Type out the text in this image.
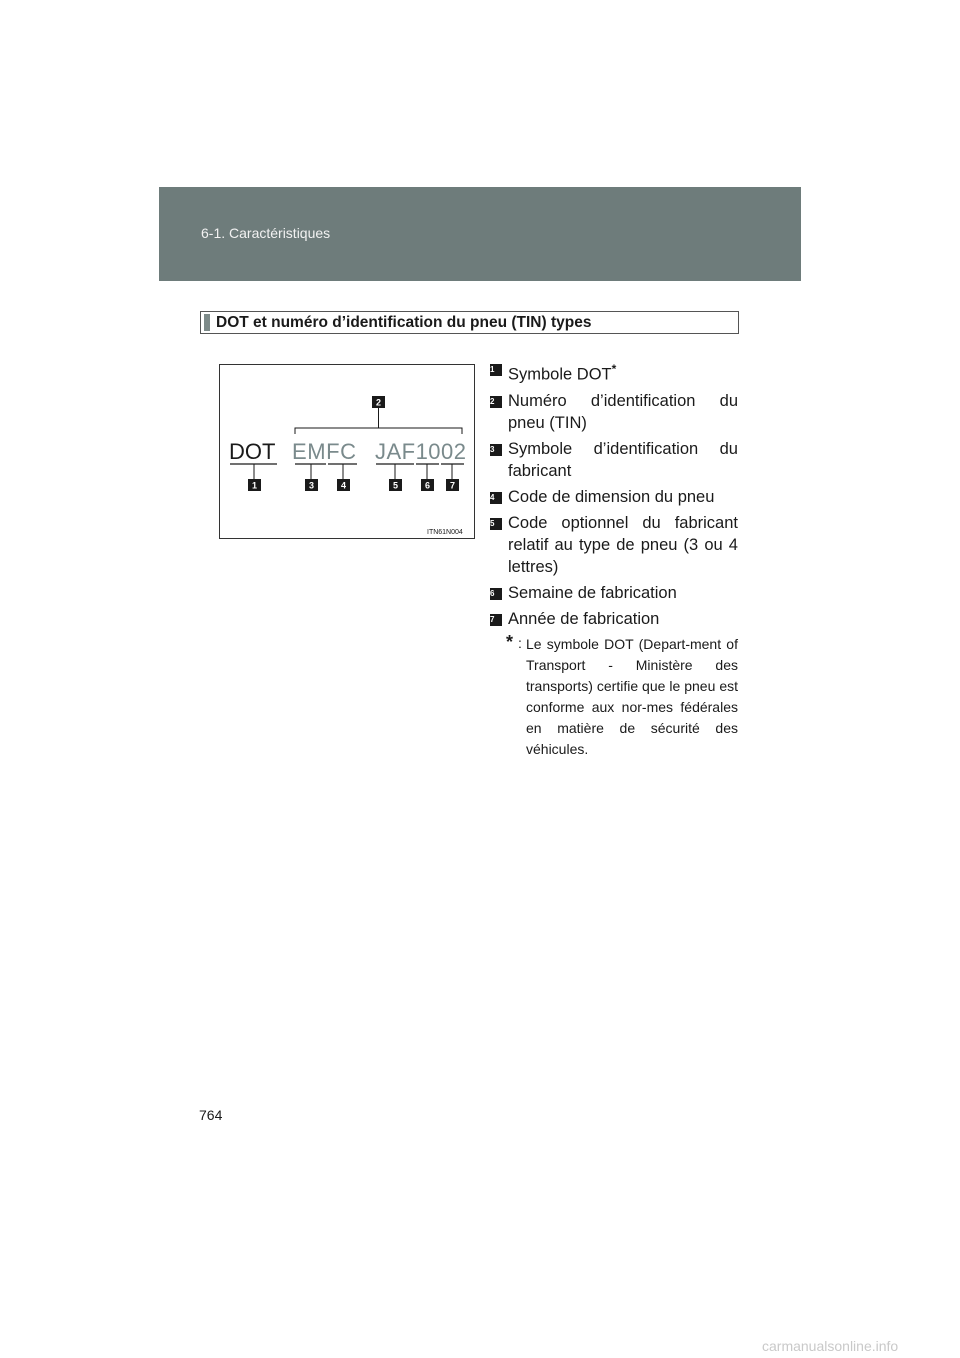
6-1. Caractéristiques
DOT et numéro d’identification du pneu (TIN) types
2
DOT EMFC JAF1002
1	3	4	5	6 7
ITN61N004
1 Symbole DOT*
2 Numéro d’identification du pneu (TIN)
3 Symbole d’identification du fabricant
4 Code de dimension du pneu
5 Code optionnel du fabricant relatif au type de pneu (3 ou 4 lettres)
6 Semaine de fabrication
7 Année de fabrication
* : Le symbole DOT (Depart-ment of Transport - Ministère des transports) certifie que le pneu est conforme aux nor-mes fédérales en matière de sécurité des véhicules.
764
carmanualsonline.info
